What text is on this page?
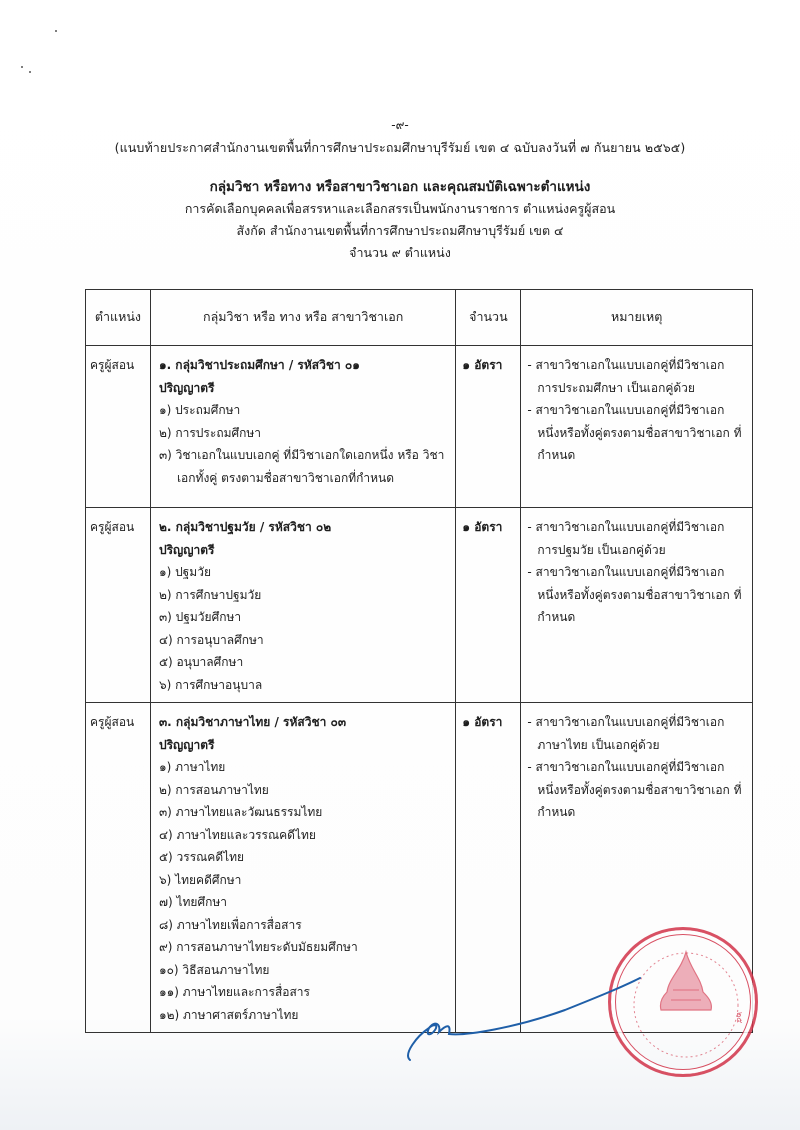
-๙-
(แนบท้ายประกาศสำนักงานเขตพื้นที่การศึกษาประถมศึกษาบุรีรัมย์ เขต ๔ ฉบับลงวันที่ ๗ กันยายน ๒๕๖๕)
กลุ่มวิชา หรือทาง หรือสาขาวิชาเอก และคุณสมบัติเฉพาะตำแหน่ง
การคัดเลือกบุคคลเพื่อสรรหาและเลือกสรรเป็นพนักงานราชการ ตำแหน่งครูผู้สอน
สังกัด สำนักงานเขตพื้นที่การศึกษาประถมศึกษาบุรีรัมย์ เขต ๔
จำนวน ๙ ตำแหน่ง
ตำแหน่ง	กลุ่มวิชา หรือ ทาง หรือ สาขาวิชาเอก	จำนวน	หมายเหตุ
ครูผู้สอน	๑. กลุ่มวิชาประถมศึกษา / รหัสวิชา ๐๑
ปริญญาตรี
๑) ประถมศึกษา
๒) การประถมศึกษา
๓) วิชาเอกในแบบเอกคู่ ที่มีวิชาเอกใดเอกหนึ่ง หรือ วิชาเอกทั้งคู่ ตรงตามชื่อสาขาวิชาเอกที่กำหนด
	๑ อัตรา	- สาขาวิชาเอกในแบบเอกคู่ที่มีวิชาเอก การประถมศึกษา เป็นเอกคู่ด้วย
- สาขาวิชาเอกในแบบเอกคู่ที่มีวิชาเอก หนึ่งหรือทั้งคู่ตรงตามชื่อสาขาวิชาเอก ที่กำหนด

ครูผู้สอน	๒. กลุ่มวิชาปฐมวัย / รหัสวิชา ๐๒
ปริญญาตรี
๑) ปฐมวัย
๒) การศึกษาปฐมวัย
๓) ปฐมวัยศึกษา
๔) การอนุบาลศึกษา
๕) อนุบาลศึกษา
๖) การศึกษาอนุบาล
	๑ อัตรา	- สาขาวิชาเอกในแบบเอกคู่ที่มีวิชาเอก การปฐมวัย เป็นเอกคู่ด้วย
- สาขาวิชาเอกในแบบเอกคู่ที่มีวิชาเอก หนึ่งหรือทั้งคู่ตรงตามชื่อสาขาวิชาเอก ที่กำหนด

ครูผู้สอน	๓. กลุ่มวิชาภาษาไทย / รหัสวิชา ๐๓
ปริญญาตรี
๑) ภาษาไทย
๒) การสอนภาษาไทย
๓) ภาษาไทยและวัฒนธรรมไทย
๔) ภาษาไทยและวรรณคดีไทย
๕) วรรณคดีไทย
๖) ไทยคดีศึกษา
๗) ไทยศึกษา
๘) ภาษาไทยเพื่อการสื่อสาร
๙) การสอนภาษาไทยระดับมัธยมศึกษา
๑๐) วิธีสอนภาษาไทย
๑๑) ภาษาไทยและการสื่อสาร
๑๒) ภาษาศาสตร์ภาษาไทย
	๑ อัตรา	- สาขาวิชาเอกในแบบเอกคู่ที่มีวิชาเอก ภาษาไทย เป็นเอกคู่ด้วย
- สาขาวิชาเอกในแบบเอกคู่ที่มีวิชาเอก หนึ่งหรือทั้งคู่ตรงตามชื่อสาขาวิชาเอก ที่กำหนด
๒๕
